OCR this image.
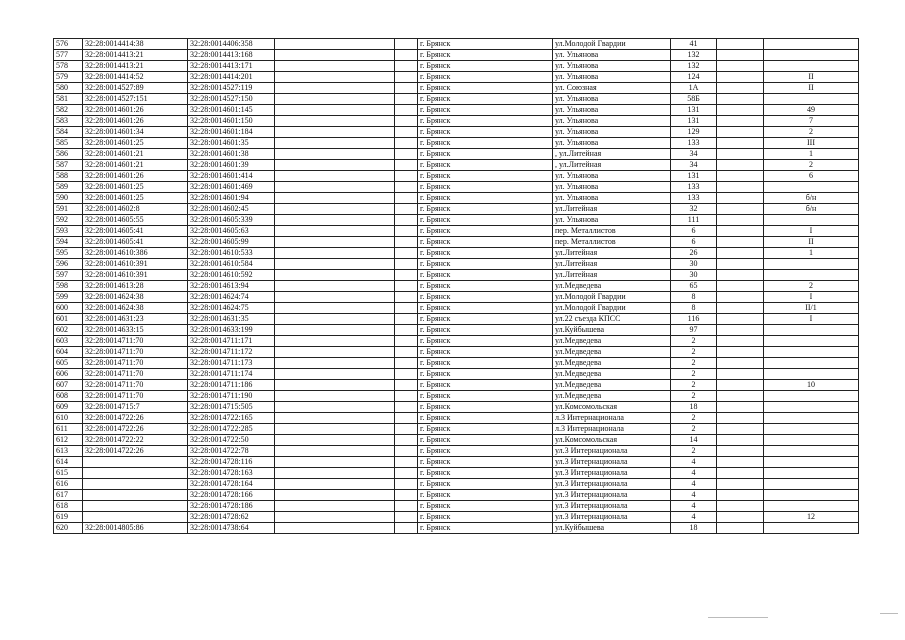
576	32:28:0014414:38	32:28:0014406:358			г. Брянск	ул.Молодой Гвардии	41		
577	32:28:0014413:21	32:28:0014413:168			г. Брянск	ул. Ульянова	132		
578	32:28:0014413:21	32:28:0014413:171			г. Брянск	ул. Ульянова	132		
579	32:28:0014414:52	32:28:0014414:201			г. Брянск	ул. Ульянова	124		II
580	32:28:0014527:89	32:28:0014527:119			г. Брянск	ул. Союзная	1А		II
581	32:28:0014527:151	32:28:0014527:150			г. Брянск	ул. Ульянова	58Б		
582	32:28:0014601:26	32:28:0014601:145			г. Брянск	ул. Ульянова	131		49
583	32:28:0014601:26	32:28:0014601:150			г. Брянск	ул. Ульянова	131		7
584	32:28:0014601:34	32:28:0014601:184			г. Брянск	ул. Ульянова	129		2
585	32:28:0014601:25	32:28:0014601:35			г. Брянск	ул. Ульянова	133		III
586	32:28:0014601:21	32:28:0014601:38			г. Брянск	, ул.Литейная	34		1
587	32:28:0014601:21	32:28:0014601:39			г. Брянск	, ул.Литейная	34		2
588	32:28:0014601:26	32:28:0014601:414			г. Брянск	ул. Ульянова	131		6
589	32:28:0014601:25	32:28:0014601:469			г. Брянск	ул. Ульянова	133		
590	32:28:0014601:25	32:28:0014601:94			г. Брянск	ул. Ульянова	133		б/н
591	32:28:0014602:8	32:28:0014602:45			г. Брянск	ул.Литейная	32		б/н
592	32:28:0014605:55	32:28:0014605:339			г. Брянск	ул. Ульянова	111		
593	32:28:0014605:41	32:28:0014605:63			г. Брянск	пер. Металлистов	6		I
594	32:28:0014605:41	32:28:0014605:99			г. Брянск	пер. Металлистов	6		II
595	32:28:0014610:386	32:28:0014610:533			г. Брянск	ул.Литейная	26		1
596	32:28:0014610:391	32:28:0014610:584			г. Брянск	ул.Литейная	30		
597	32:28:0014610:391	32:28:0014610:592			г. Брянск	ул.Литейная	30		
598	32:28:0014613:28	32:28:0014613:94			г. Брянск	ул.Медведева	65		2
599	32:28:0014624:38	32:28:0014624:74			г. Брянск	ул.Молодой Гвардии	8		I
600	32:28:0014624:38	32:28:0014624:75			г. Брянск	ул.Молодой Гвардии	8		II/1
601	32:28:0014631:23	32:28:0014631:35			г. Брянск	ул.22 съезда КПСС	116		I
602	32:28:0014633:15	32:28:0014633:199			г. Брянск	ул.Куйбышева	97		
603	32:28:0014711:70	32:28:0014711:171			г. Брянск	ул.Медведева	2		
604	32:28:0014711:70	32:28:0014711:172			г. Брянск	ул.Медведева	2		
605	32:28:0014711:70	32:28:0014711:173			г. Брянск	ул.Медведева	2		
606	32:28:0014711:70	32:28:0014711:174			г. Брянск	ул.Медведева	2		
607	32:28:0014711:70	32:28:0014711:186			г. Брянск	ул.Медведева	2		10
608	32:28:0014711:70	32:28:0014711:190			г. Брянск	ул.Медведева	2		
609	32:28:0014715:7	32:28:0014715:505			г. Брянск	ул.Комсомольская	18		
610	32:28:0014722:26	32:28:0014722:165			г. Брянск	л.3 Интернационала	2		
611	32:28:0014722:26	32:28:0014722:285			г. Брянск	л.3 Интернационала	2		
612	32:28:0014722:22	32:28:0014722:50			г. Брянск	ул.Комсомольская	14		
613	32:28:0014722:26	32:28:0014722:78			г. Брянск	ул.3 Интернационала	2		
614		32:28:0014728:116			г. Брянск	ул.3 Интернационала	4		
615		32:28:0014728:163			г. Брянск	ул.3 Интернационала	4		
616		32:28:0014728:164			г. Брянск	ул.3 Интернационала	4		
617		32:28:0014728:166			г. Брянск	ул.3 Интернационала	4		
618		32:28:0014728:186			г. Брянск	ул.3 Интернационала	4		
619		32:28:0014728:62			г. Брянск	ул.3 Интернационала	4		12
620	32:28:0014805:86	32:28:0014738:64			г. Брянск	ул.Куйбышева	18		
